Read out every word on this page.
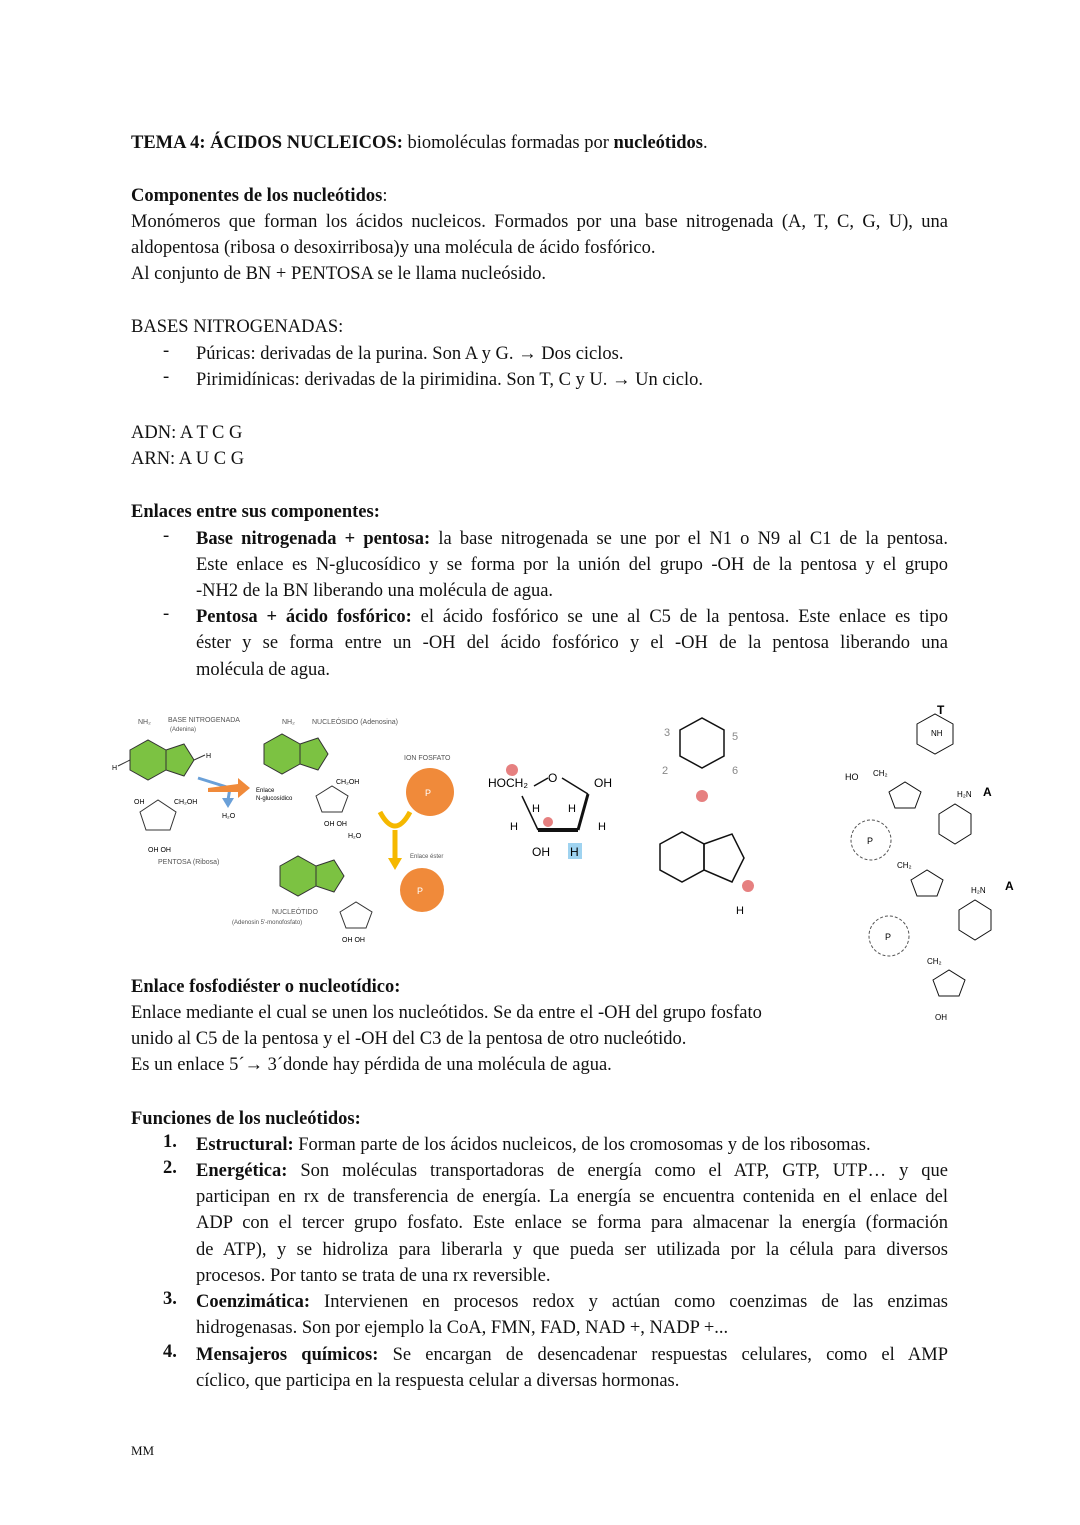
TEMA 4: ÁCIDOS NUCLEICOS: biomoléculas formadas por nucleótidos.
Componentes de los nucleótidos:
Monómeros que forman los ácidos nucleicos. Formados por una base nitrogenada (A, T, C, G, U), una
aldopentosa (ribosa o desoxirribosa)y una molécula de ácido fosfórico.
Al conjunto de BN + PENTOSA se le llama nucleósido.
BASES NITROGENADAS:
- Púricas: derivadas de la purina. Son A y G. → Dos ciclos.
- Pirimidínicas: derivadas de la pirimidina. Son T, C y U. → Un ciclo.
ADN: A T C G
ARN: A U C G
Enlaces entre sus componentes:
- Base nitrogenada + pentosa: la base nitrogenada se une por el N1 o N9 al C1 de la pentosa.
Este enlace es N-glucosídico y se forma por la unión del grupo -OH de la pentosa y el grupo
-NH2 de la BN liberando una molécula de agua.
- Pentosa + ácido fosfórico: el ácido fosfórico se une al C5 de la pentosa. Este enlace es tipo
éster y se forma entre un -OH del ácido fosfórico y el -OH de la pentosa liberando una
molécula de agua.
NH₂ BASE NITROGENADA
(Adenina)
H
H
OH	CH₂OH
OH OH
PENTOSA (Ribosa)
H₂O
NH₂ NUCLEÓSIDO (Adenosina)
Enlace
N-glucosídico
CH₂OH
OH OH
H₂O
ION FOSFATO
P
Enlace éster
P
NUCLEÓTIDO
(Adenosin 5'-monofosfato)
OH OH
HOCH₂ O	OH
H	H
H	H
OH H
3
2
5
6
H
T
NH
HO CH₂
P
H₂N A
CH₂
P
H₂N A
CH₂
OH
Enlace fosfodiéster o nucleotídico:
Enlace mediante el cual se unen los nucleótidos. Se da entre el -OH del grupo fosfato
unido al C5 de la pentosa y el -OH del C3 de la pentosa de otro nucleótido.
Es un enlace 5´→ 3´donde hay pérdida de una molécula de agua.
Funciones de los nucleótidos:
1. Estructural: Forman parte de los ácidos nucleicos, de los cromosomas y de los ribosomas.
2. Energética: Son moléculas transportadoras de energía como el ATP, GTP, UTP… y que
participan en rx de transferencia de energía. La energía se encuentra contenida en el enlace del
ADP con el tercer grupo fosfato. Este enlace se forma para almacenar la energía (formación
de ATP), y se hidroliza para liberarla y que pueda ser utilizada por la célula para diversos
procesos. Por tanto se trata de una rx reversible.
3. Coenzimática: Intervienen en procesos redox y actúan como coenzimas de las enzimas
hidrogenasas. Son por ejemplo la CoA, FMN, FAD, NAD +, NADP +...
4. Mensajeros químicos: Se encargan de desencadenar respuestas celulares, como el AMP
cíclico, que participa en la respuesta celular a diversas hormonas.
MM
